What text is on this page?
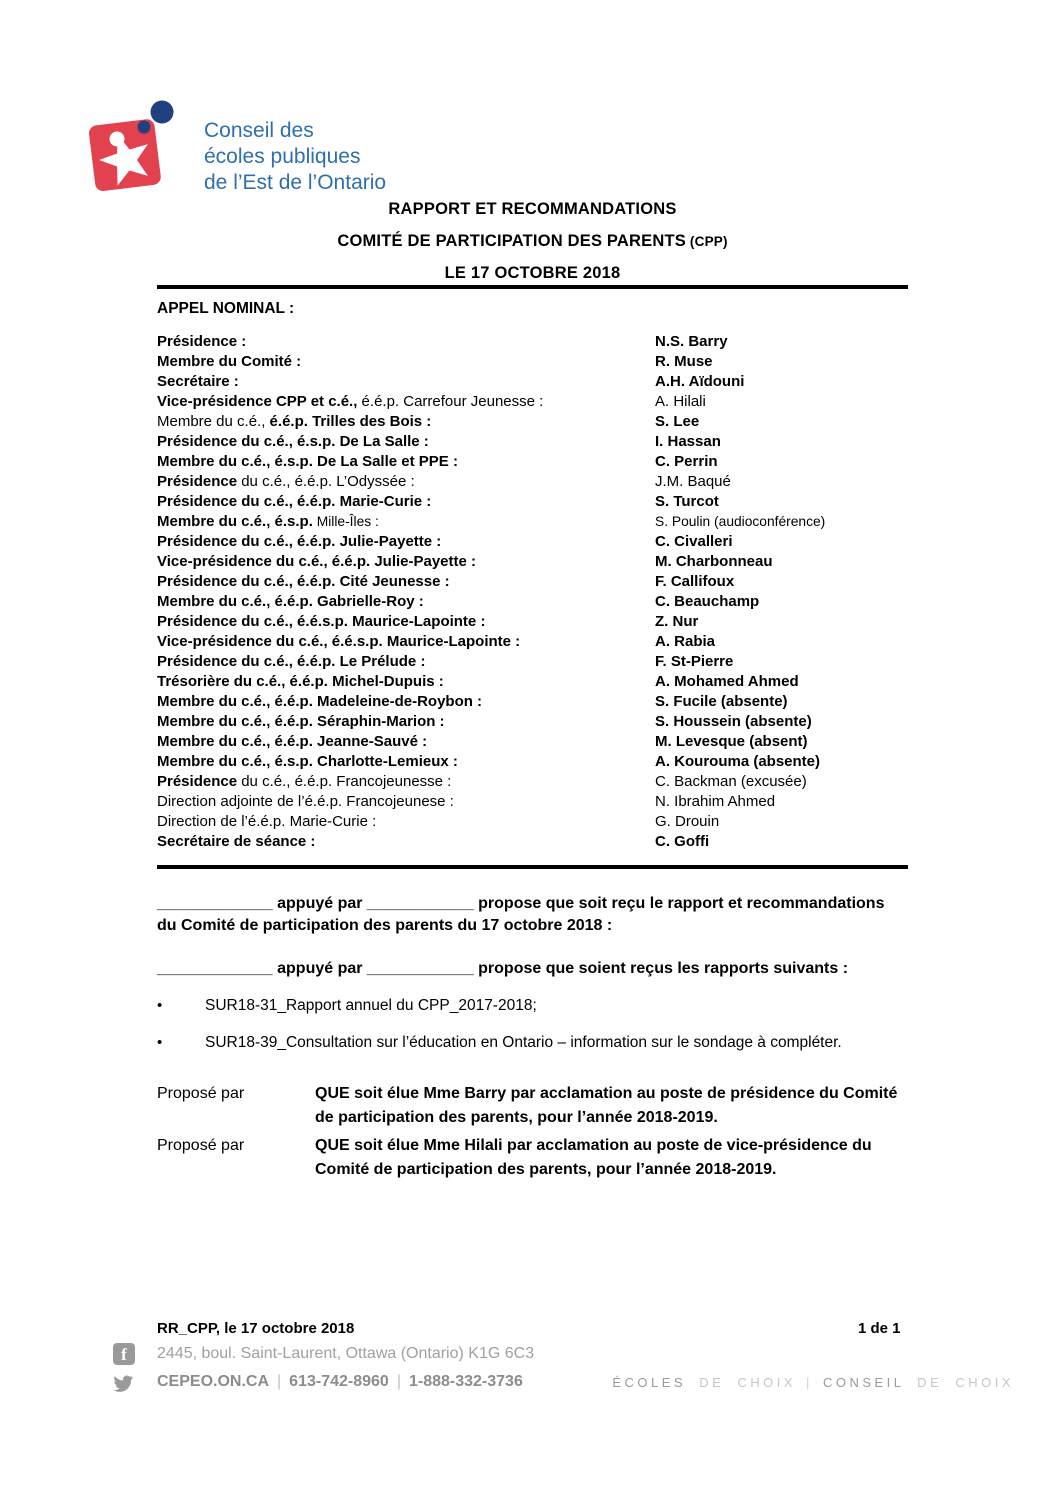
Conseil des
écoles publiques
de l’Est de l’Ontario

RAPPORT ET RECOMMANDATIONS

COMITÉ DE PARTICIPATION DES PARENTS (CPP)

LE 17 OCTOBRE 2018

APPEL NOMINAL :
Présidence :	N.S. Barry
Membre du Comité :	R. Muse
Secrétaire :	A.H. Aïdouni
Vice-présidence CPP et c.é., é.é.p. Carrefour Jeunesse :	A. Hilali
Membre du c.é., é.é.p. Trilles des Bois :	S. Lee
Présidence du c.é., é.s.p. De La Salle :	I. Hassan
Membre du c.é., é.s.p. De La Salle et PPE :	C. Perrin
Présidence du c.é., é.é.p. L’Odyssée :	J.M. Baqué
Présidence du c.é., é.é.p. Marie-Curie :	S. Turcot
Membre du c.é., é.s.p. Mille-Îles :	S. Poulin (audioconférence)
Présidence du c.é., é.é.p. Julie-Payette :	C. Civalleri
Vice-présidence du c.é., é.é.p. Julie-Payette :	M. Charbonneau
Présidence du c.é., é.é.p. Cité Jeunesse :	F. Callifoux
Membre du c.é., é.é.p. Gabrielle-Roy :	C. Beauchamp
Présidence du c.é., é.é.s.p. Maurice-Lapointe :	Z. Nur
Vice-présidence du c.é., é.é.s.p. Maurice-Lapointe :	A. Rabia
Présidence du c.é., é.é.p. Le Prélude :	F. St-Pierre
Trésorière du c.é., é.é.p. Michel-Dupuis :	A. Mohamed Ahmed
Membre du c.é., é.é.p. Madeleine-de-Roybon :	S. Fucile (absente)
Membre du c.é., é.é.p. Séraphin-Marion :	S. Houssein (absente)
Membre du c.é., é.é.p. Jeanne-Sauvé :	M. Levesque (absent)
Membre du c.é., é.s.p. Charlotte-Lemieux :	A. Kourouma (absente)
Présidence du c.é., é.é.p. Francojeunesse :	C. Backman (excusée)
Direction adjointe de l’é.é.p. Francojeunese :	N. Ibrahim Ahmed
Direction de l’é.é.p. Marie-Curie :	G. Drouin
Secrétaire de séance :	C. Goffi

_____________ appuyé par ____________ propose que soit reçu le rapport et recommandations du Comité de participation des parents du 17 octobre 2018 :

_____________ appuyé par ____________ propose que soient reçus les rapports suivants :

•	SUR18-31_Rapport annuel du CPP_2017-2018;
•	SUR18-39_Consultation sur l’éducation en Ontario – information sur le sondage à compléter.
Proposé par	QUE soit élue Mme Barry par acclamation au poste de présidence du Comité de participation des parents, pour l’année 2018-2019.
Proposé par	QUE soit élue Mme Hilali par acclamation au poste de vice-présidence du Comité de participation des parents, pour l’année 2018-2019.
RR_CPP, le 17 octobre 2018	1 de 1
f	2445, boul. Saint-Laurent, Ottawa (Ontario) K1G 6C3
CEPEO.ON.CA | 613-742-8960 | 1-888-332-3736	ÉCOLES DE CHOIX | CONSEIL DE CHOIX
